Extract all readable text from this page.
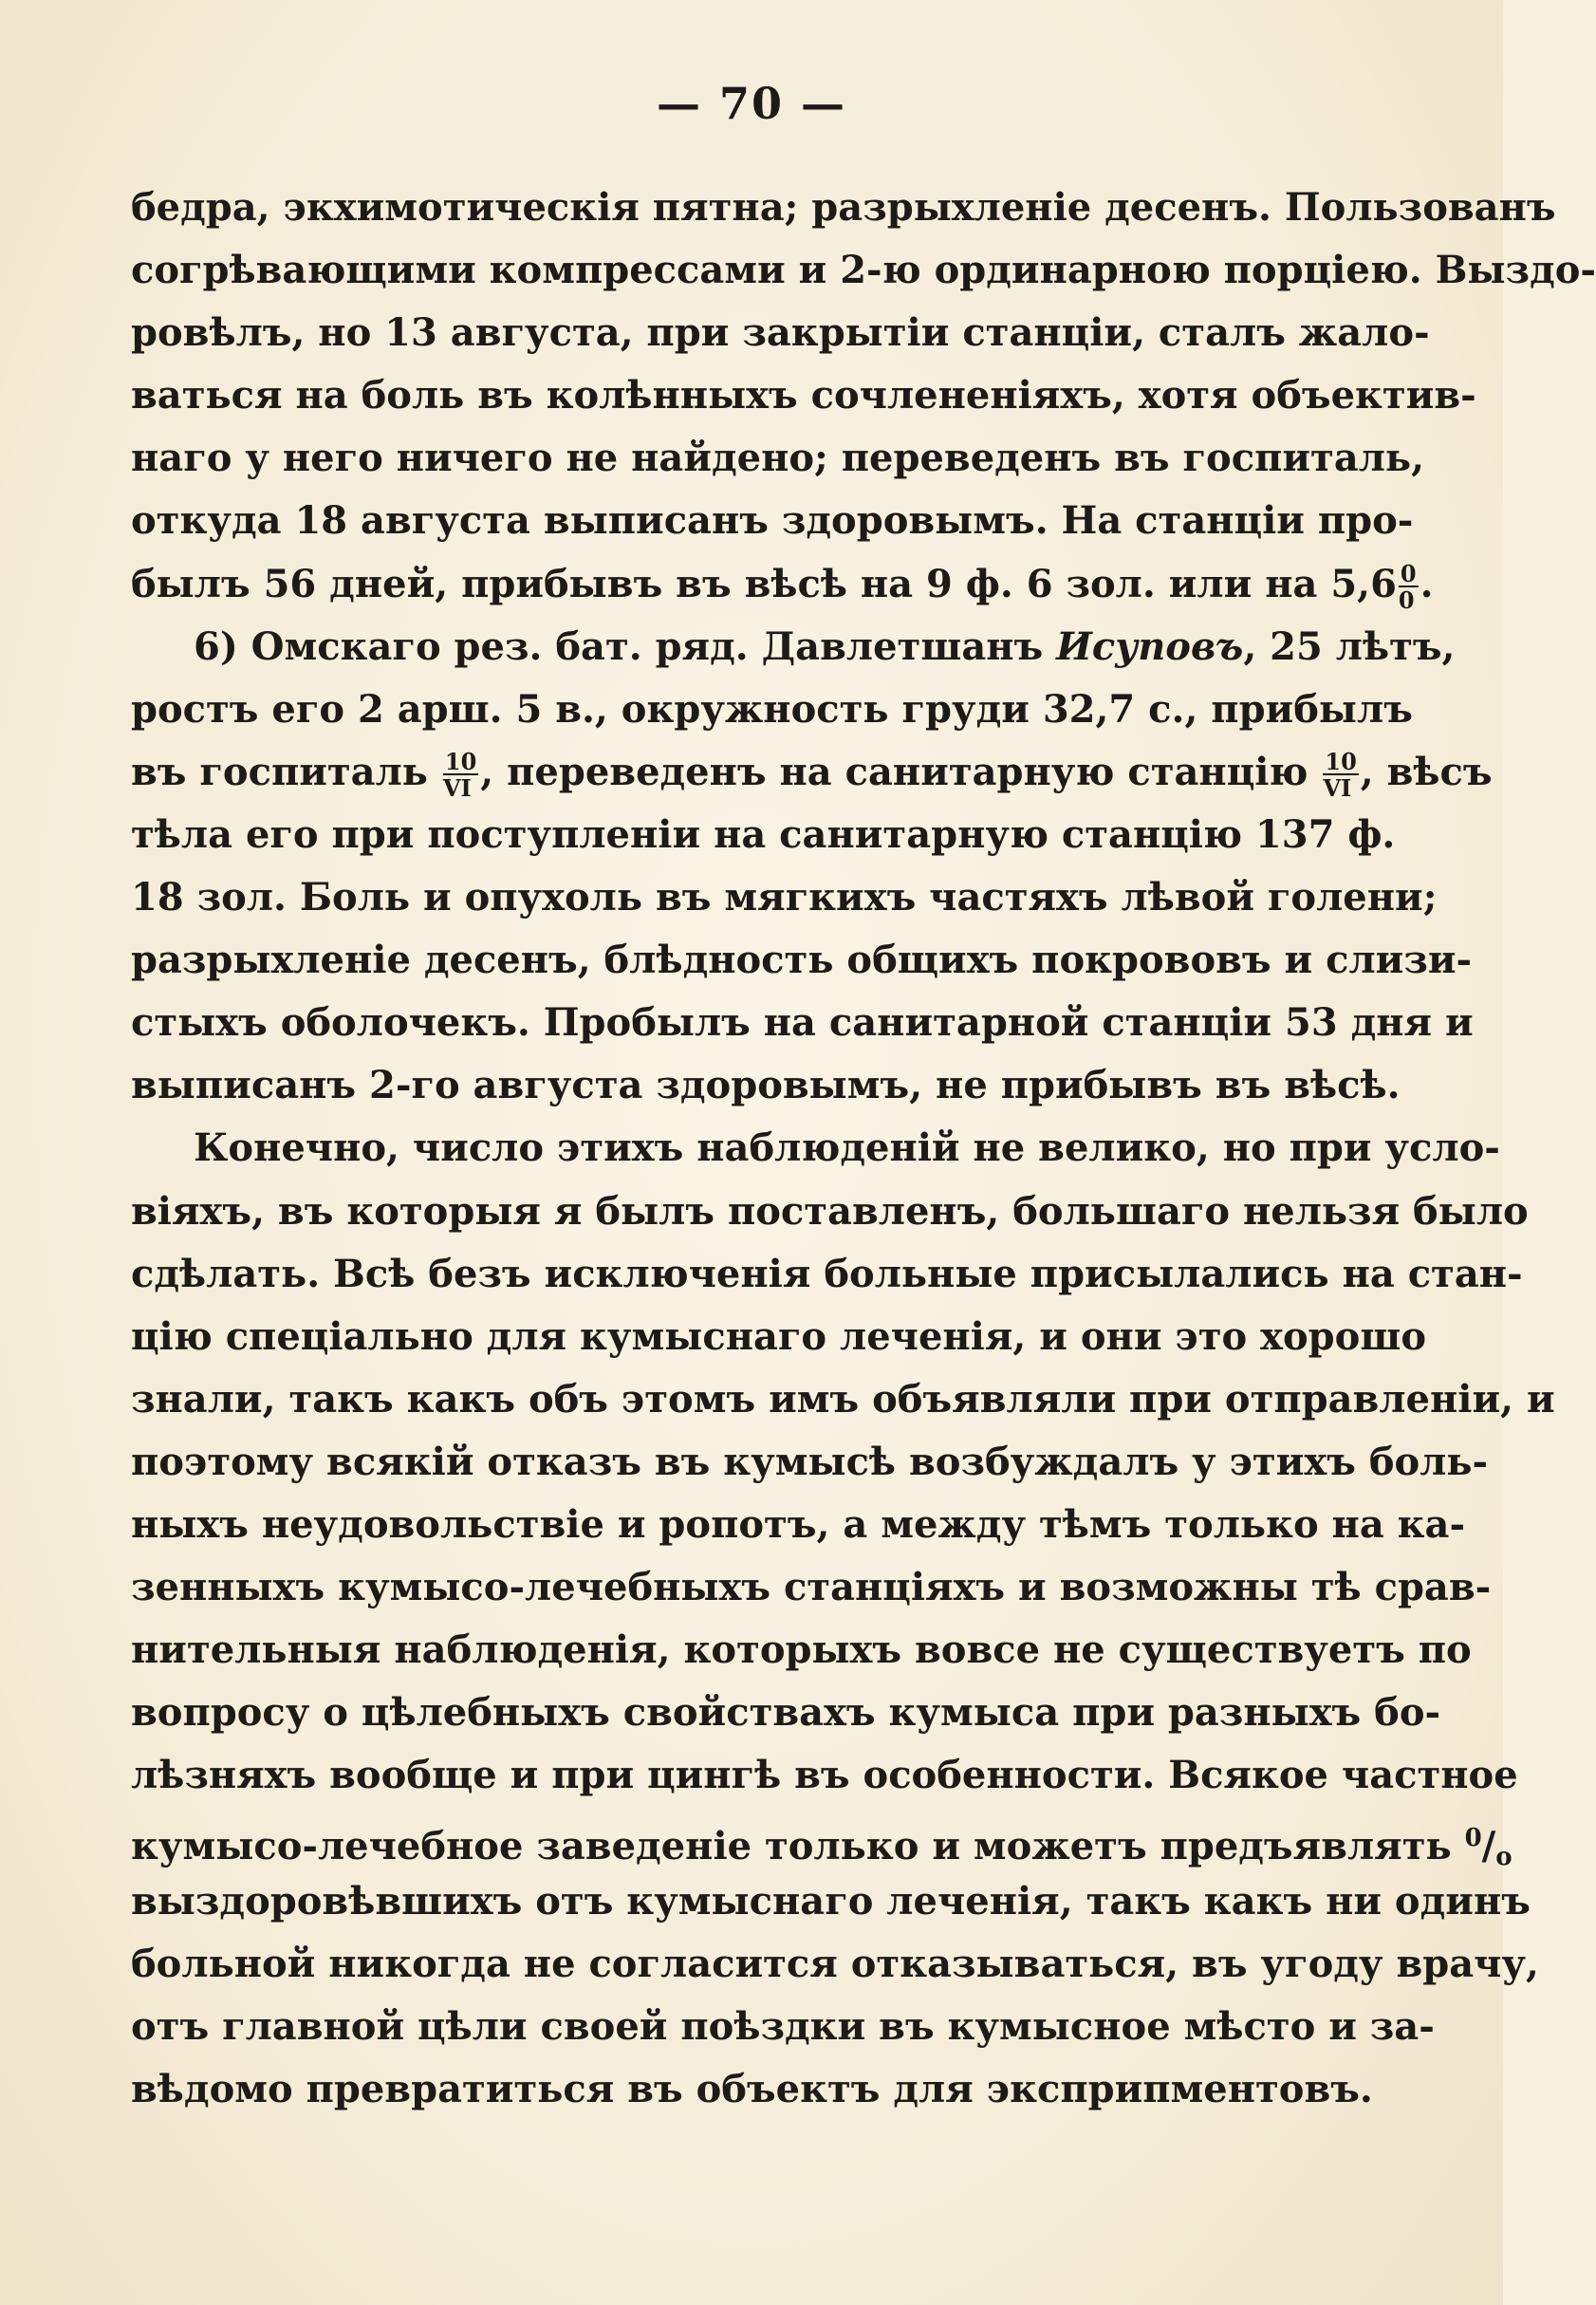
— 70 —
бедра, экхимотическія пятна; разрыхленіе десенъ. Пользованъ
согрѣвающими компрессами и 2-ю ординарною порціею. Выздо-
ровѣлъ, но 13 августа, при закрытіи станціи, сталъ жало-
ваться на боль въ колѣнныхъ сочлененіяхъ, хотя объектив-
наго у него ничего не найдено; переведенъ въ госпиталь,
откуда 18 августа выписанъ здоровымъ. На станціи про-
былъ 56 дней, прибывъ въ вѣсѣ на 9 ф. 6 зол. или на $5,6 \frac{0}{0}$ .
6) Омскаго рез. бат. ряд. Давлетшанъ Исуповъ, 25 лѣтъ,
ростъ его 2 арш. 5 в., окружность груди 32,7 с., прибылъ
въ госпиталь $\frac{10}{VI}$ , переведенъ на санитарную станцію $\frac{10}{VI}$ , вѣсъ
тѣла его при поступленіи на санитарную станцію 137 ф.
18 зол. Боль и опухоль въ мягкихъ частяхъ лѣвой голени;
разрыхленіе десенъ, блѣдность общихъ покрововъ и слизи-
стыхъ оболочекъ. Пробылъ на санитарной станціи 53 дня и
выписанъ 2-го августа здоровымъ, не прибывъ въ вѣсѣ.
Конечно, число этихъ наблюденій не велико, но при усло-
віяхъ, въ которыя я былъ поставленъ, большаго нельзя было
сдѣлать. Всѣ безъ исключенія больные присылались на стан-
цію спеціально для кумыснаго леченія, и они это хорошо
знали, такъ какъ объ этомъ имъ объявляли при отправленіи, и
поэтому всякій отказъ въ кумысѣ возбуждалъ у этихъ боль-
ныхъ неудовольствіе и ропотъ, а между тѣмъ только на ка-
зенныхъ кумысо-лечебныхъ станціяхъ и возможны тѣ срав-
нительныя наблюденія, которыхъ вовсе не существуетъ по
вопросу о цѣлебныхъ свойствахъ кумыса при разныхъ бо-
лѣзняхъ вообще и при цингѣ въ особенности. Всякое частное
кумысо-лечебное заведеніе только и можетъ предъявлять $^0/_o$
выздоровѣвшихъ отъ кумыснаго леченія, такъ какъ ни одинъ
больной никогда не согласится отказываться, въ угоду врачу,
отъ главной цѣли своей поѣздки въ кумысное мѣсто и за-
вѣдомо превратиться въ объектъ для эксприпментовъ.
